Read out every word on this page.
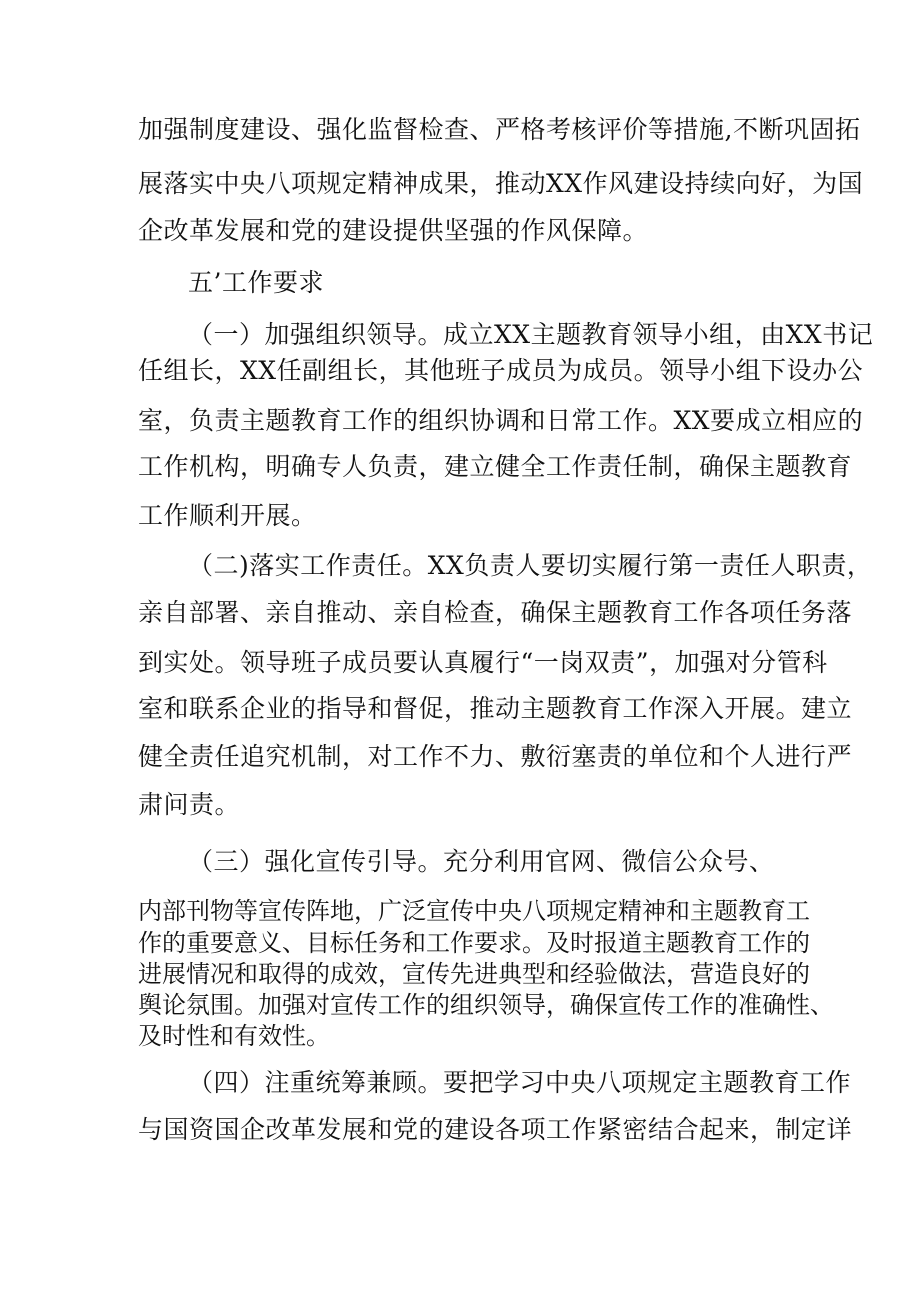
加强制度建设、强化监督检查、严格考核评价等措施,不断巩固拓
展落实中央八项规定精神成果，推动XX作风建设持续向好，为国
企改革发展和党的建设提供坚强的作风保障。
五’工作要求
（一）加强组织领导。成立XX主题教育领导小组，由XX书记
任组长，XX任副组长，其他班子成员为成员。领导小组下设办公
室，负责主题教育工作的组织协调和日常工作。XX要成立相应的
工作机构，明确专人负责，建立健全工作责任制，确保主题教育
工作顺利开展。
（二)落实工作责任。XX负责人要切实履行第一责任人职责，
亲自部署、亲自推动、亲自检查，确保主题教育工作各项任务落
到实处。领导班子成员要认真履行“一岗双责”，加强对分管科
室和联系企业的指导和督促，推动主题教育工作深入开展。建立
健全责任追究机制，对工作不力、敷衍塞责的单位和个人进行严
肃问责。
（三）强化宣传引导。充分利用官网、微信公众号、
内部刊物等宣传阵地，广泛宣传中央八项规定精神和主题教育工
作的重要意义、目标任务和工作要求。及时报道主题教育工作的
进展情况和取得的成效，宣传先进典型和经验做法，营造良好的
舆论氛围。加强对宣传工作的组织领导，确保宣传工作的准确性、
及时性和有效性。
（四）注重统筹兼顾。要把学习中央八项规定主题教育工作
与国资国企改革发展和党的建设各项工作紧密结合起来，制定详
